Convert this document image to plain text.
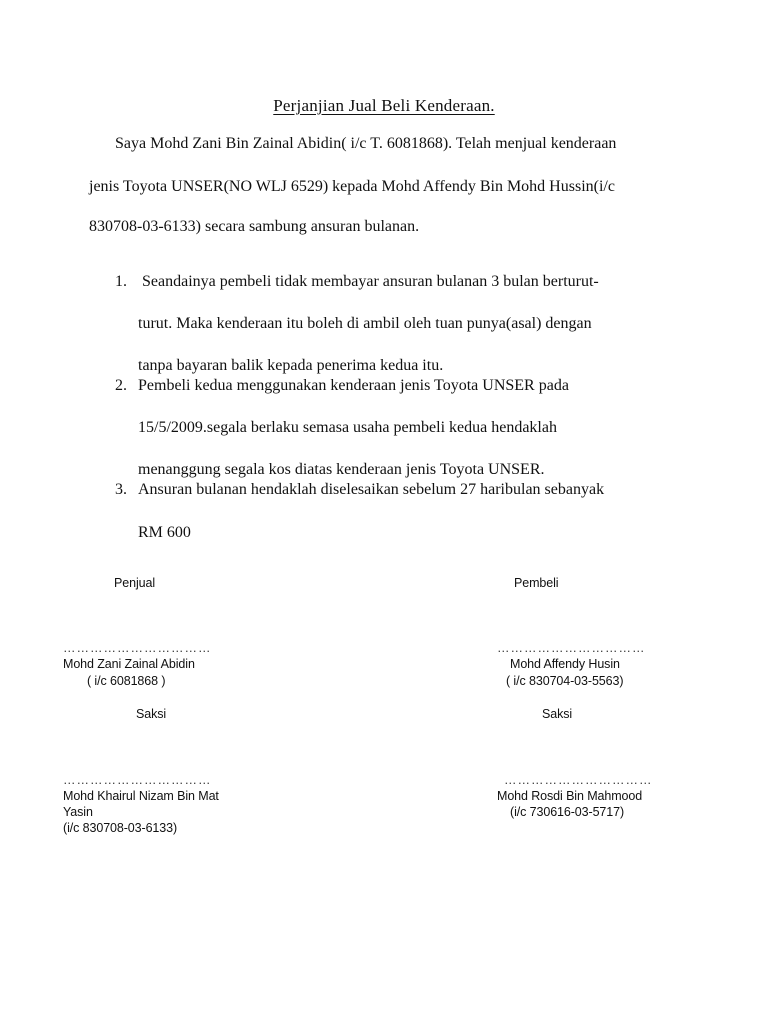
Perjanjian Jual Beli Kenderaan.
Saya Mohd Zani Bin Zainal Abidin( i/c T. 6081868). Telah menjual kenderaan
jenis Toyota UNSER(NO WLJ 6529) kepada Mohd Affendy Bin Mohd Hussin(i/c
830708-03-6133) secara sambung ansuran bulanan.
1. Seandainya pembeli tidak membayar ansuran bulanan 3 bulan berturut-
turut. Maka kenderaan itu boleh di ambil oleh tuan punya(asal) dengan
tanpa bayaran balik kepada penerima kedua itu.
2. Pembeli kedua menggunakan kenderaan jenis Toyota UNSER pada
15/5/2009.segala berlaku semasa usaha pembeli kedua hendaklah
menanggung segala kos diatas kenderaan jenis Toyota UNSER.
3. Ansuran bulanan hendaklah diselesaikan sebelum 27 haribulan sebanyak
RM 600
Penjual	Pembeli
……………………………
Mohd Zani Zainal Abidin
( i/c 6081868 )
……………………………
Mohd Affendy Husin
( i/c 830704-03-5563)
Saksi	Saksi
……………………………
Mohd Khairul Nizam Bin Mat
Yasin
(i/c 830708-03-6133)
……………………………
Mohd Rosdi Bin Mahmood
(i/c 730616-03-5717)
